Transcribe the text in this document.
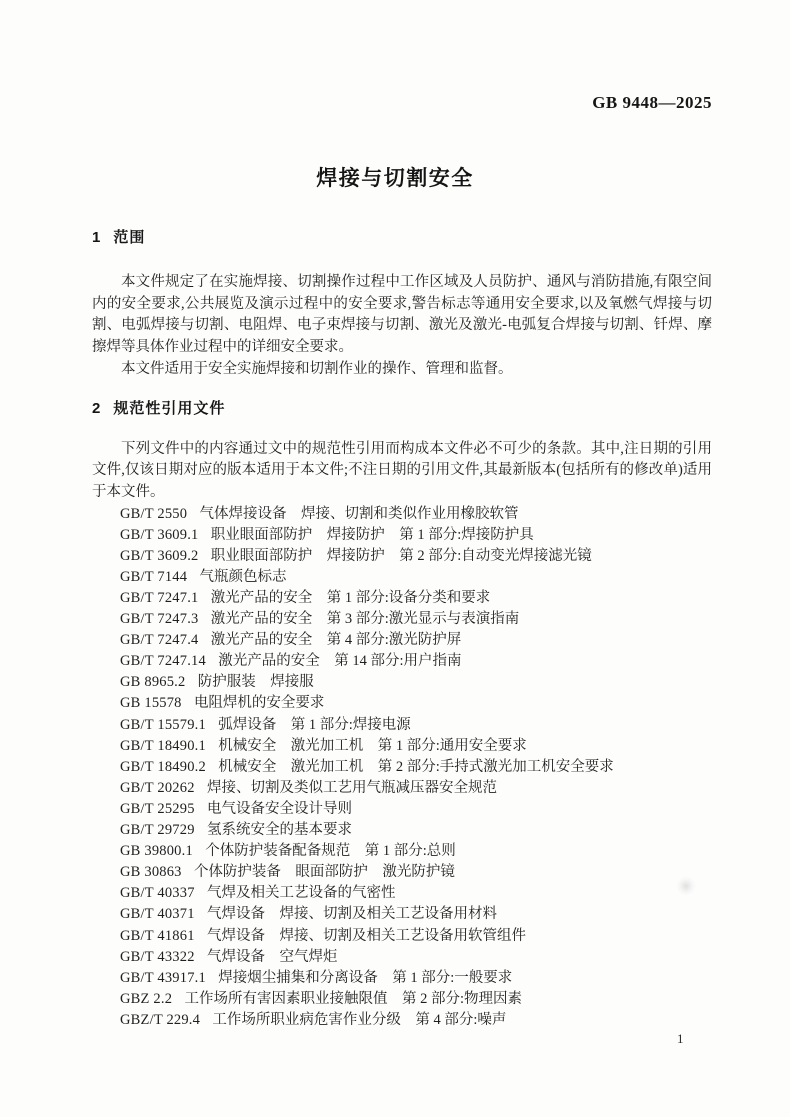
GB 9448—2025
焊接与切割安全
1 范围

本文件规定了在实施焊接、切割操作过程中工作区域及人员防护、通风与消防措施,有限空间内的安全要求,公共展览及演示过程中的安全要求,警告标志等通用安全要求,以及氧燃气焊接与切割、电弧焊接与切割、电阻焊、电子束焊接与切割、激光及激光-电弧复合焊接与切割、钎焊、摩擦焊等具体作业过程中的详细安全要求。

本文件适用于安全实施焊接和切割作业的操作、管理和监督。

2 规范性引用文件

下列文件中的内容通过文中的规范性引用而构成本文件必不可少的条款。其中,注日期的引用文件,仅该日期对应的版本适用于本文件;不注日期的引用文件,其最新版本(包括所有的修改单)适用于本文件。

GB/T 2550 气体焊接设备　焊接、切割和类似作业用橡胶软管
GB/T 3609.1 职业眼面部防护　焊接防护　第 1 部分:焊接防护具
GB/T 3609.2 职业眼面部防护　焊接防护　第 2 部分:自动变光焊接滤光镜
GB/T 7144 气瓶颜色标志
GB/T 7247.1 激光产品的安全　第 1 部分:设备分类和要求
GB/T 7247.3 激光产品的安全　第 3 部分:激光显示与表演指南
GB/T 7247.4 激光产品的安全　第 4 部分:激光防护屏
GB/T 7247.14 激光产品的安全　第 14 部分:用户指南
GB 8965.2 防护服装　焊接服
GB 15578 电阻焊机的安全要求
GB/T 15579.1 弧焊设备　第 1 部分:焊接电源
GB/T 18490.1 机械安全　激光加工机　第 1 部分:通用安全要求
GB/T 18490.2 机械安全　激光加工机　第 2 部分:手持式激光加工机安全要求
GB/T 20262 焊接、切割及类似工艺用气瓶减压器安全规范
GB/T 25295 电气设备安全设计导则
GB/T 29729 氢系统安全的基本要求
GB 39800.1 个体防护装备配备规范　第 1 部分:总则
GB 30863 个体防护装备　眼面部防护　激光防护镜
GB/T 40337 气焊及相关工艺设备的气密性
GB/T 40371 气焊设备　焊接、切割及相关工艺设备用材料
GB/T 41861 气焊设备　焊接、切割及相关工艺设备用软管组件
GB/T 43322 气焊设备　空气焊炬
GB/T 43917.1 焊接烟尘捕集和分离设备　第 1 部分:一般要求
GBZ 2.2 工作场所有害因素职业接触限值　第 2 部分:物理因素
GBZ/T 229.4 工作场所职业病危害作业分级　第 4 部分:噪声
1
